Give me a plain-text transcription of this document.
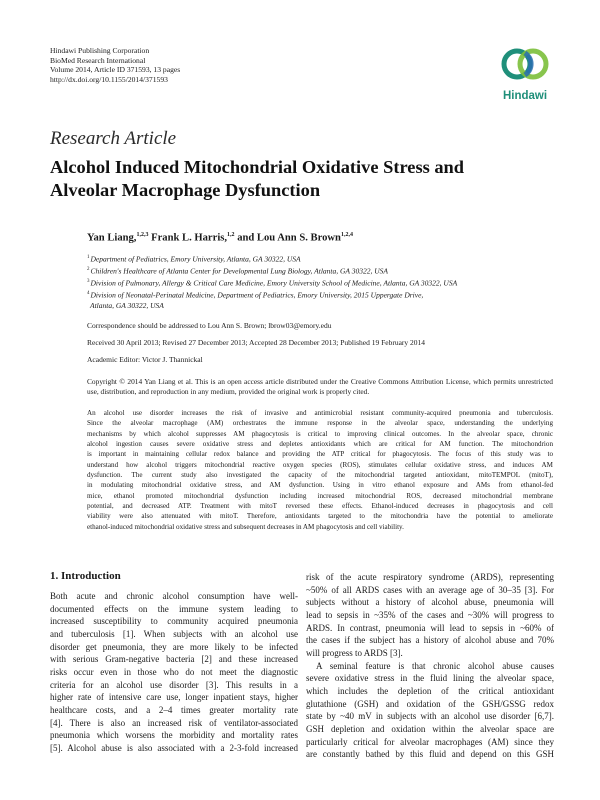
Hindawi Publishing Corporation
BioMed Research International
Volume 2014, Article ID 371593, 13 pages
http://dx.doi.org/10.1155/2014/371593
Hindawi
Research Article
Alcohol Induced Mitochondrial Oxidative Stress and
Alveolar Macrophage Dysfunction
Yan Liang,$^{1,2,3}$ Frank L. Harris,$^{1,2}$ and Lou Ann S. Brown$^{1,2,4}$
$^1$Department of Pediatrics, Emory University, Atlanta, GA 30322, USA
$^2$Children's Healthcare of Atlanta Center for Developmental Lung Biology, Atlanta, GA 30322, USA
$^3$Division of Pulmonary, Allergy & Critical Care Medicine, Emory University School of Medicine, Atlanta, GA 30322, USA
$^4$Division of Neonatal-Perinatal Medicine, Department of Pediatrics, Emory University, 2015 Uppergate Drive,
Atlanta, GA 30322, USA
Correspondence should be addressed to Lou Ann S. Brown; lbrow03@emory.edu
Received 30 April 2013; Revised 27 December 2013; Accepted 28 December 2013; Published 19 February 2014
Academic Editor: Victor J. Thannickal
Copyright © 2014 Yan Liang et al. This is an open access article distributed under the Creative Commons Attribution License, which permits unrestricted use, distribution, and reproduction in any medium, provided the original work is properly cited.
An alcohol use disorder increases the risk of invasive and antimicrobial resistant community-acquired pneumonia and tuberculosis.
Since the alveolar macrophage (AM) orchestrates the immune response in the alveolar space, understanding the underlying
mechanisms by which alcohol suppresses AM phagocytosis is critical to improving clinical outcomes. In the alveolar space, chronic
alcohol ingestion causes severe oxidative stress and depletes antioxidants which are critical for AM function. The mitochondrion
is important in maintaining cellular redox balance and providing the ATP critical for phagocytosis. The focus of this study was to
understand how alcohol triggers mitochondrial reactive oxygen species (ROS), stimulates cellular oxidative stress, and induces AM
dysfunction. The current study also investigated the capacity of the mitochondrial targeted antioxidant, mitoTEMPOL (mitoT),
in modulating mitochondrial oxidative stress, and AM dysfunction. Using in vitro ethanol exposure and AMs from ethanol-fed
mice, ethanol promoted mitochondrial dysfunction including increased mitochondrial ROS, decreased mitochondrial membrane
potential, and decreased ATP. Treatment with mitoT reversed these effects. Ethanol-induced decreases in phagocytosis and cell
viability were also attenuated with mitoT. Therefore, antioxidants targeted to the mitochondria have the potential to ameliorate
ethanol-induced mitochondrial oxidative stress and subsequent decreases in AM phagocytosis and cell viability.
1. Introduction
Both acute and chronic alcohol consumption have well-
documented effects on the immune system leading to
increased susceptibility to community acquired pneumonia
and tuberculosis [1]. When subjects with an alcohol use
disorder get pneumonia, they are more likely to be infected
with serious Gram-negative bacteria [2] and these increased
risks occur even in those who do not meet the diagnostic
criteria for an alcohol use disorder [3]. This results in a
higher rate of intensive care use, longer inpatient stays, higher
healthcare costs, and a 2–4 times greater mortality rate
[4]. There is also an increased risk of ventilator-associated
pneumonia which worsens the morbidity and mortality rates
[5]. Alcohol abuse is also associated with a 2-3-fold increased
risk of the acute respiratory syndrome (ARDS), representing
~50% of all ARDS cases with an average age of 30–35 [3]. For
subjects without a history of alcohol abuse, pneumonia will
lead to sepsis in ~35% of the cases and ~30% will progress to
ARDS. In contrast, pneumonia will lead to sepsis in ~60% of
the cases if the subject has a history of alcohol abuse and 70%
will progress to ARDS [3].
A seminal feature is that chronic alcohol abuse causes
severe oxidative stress in the fluid lining the alveolar space,
which includes the depletion of the critical antioxidant
glutathione (GSH) and oxidation of the GSH/GSSG redox
state by ~40 mV in subjects with an alcohol use disorder [6,7].
GSH depletion and oxidation within the alveolar space are
particularly critical for alveolar macrophages (AM) since they
are constantly bathed by this fluid and depend on this GSH
